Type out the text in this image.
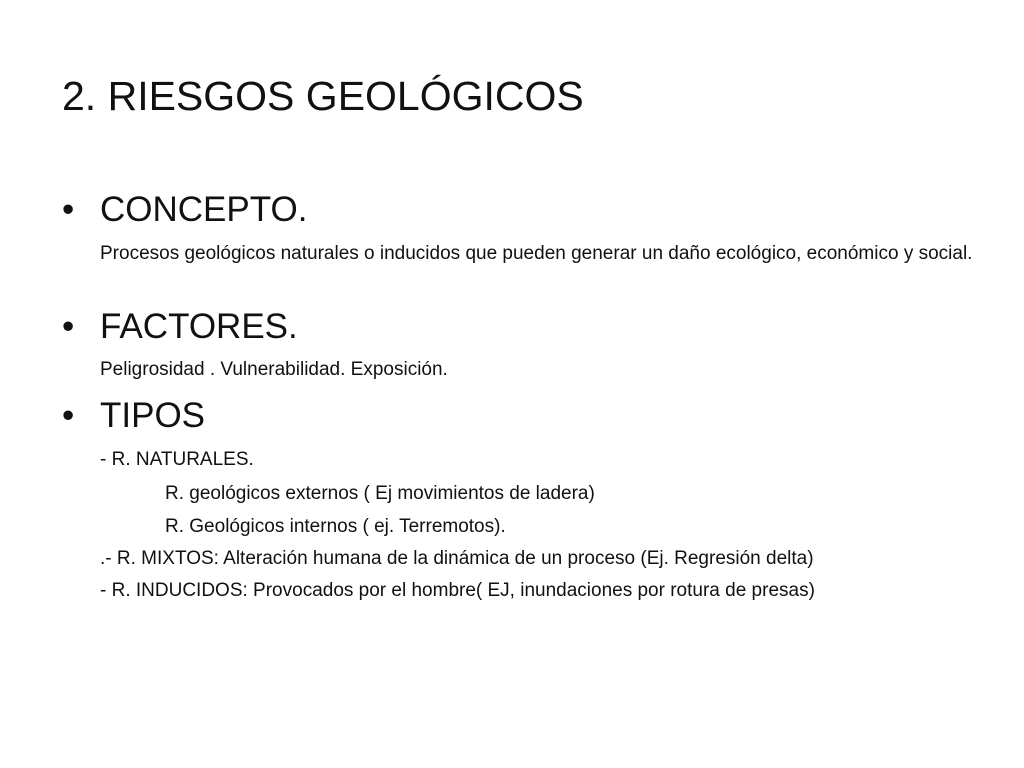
2. RIESGOS GEOLÓGICOS
• CONCEPTO.
Procesos geológicos naturales o inducidos que pueden generar un daño ecológico, económico y social.
• FACTORES.
Peligrosidad . Vulnerabilidad. Exposición.
• TIPOS
- R. NATURALES.
R. geológicos externos ( Ej movimientos de ladera)
R. Geológicos internos ( ej. Terremotos).
.- R. MIXTOS: Alteración humana de la dinámica de un proceso (Ej. Regresión delta)
- R. INDUCIDOS: Provocados por el hombre( EJ, inundaciones por rotura de presas)
